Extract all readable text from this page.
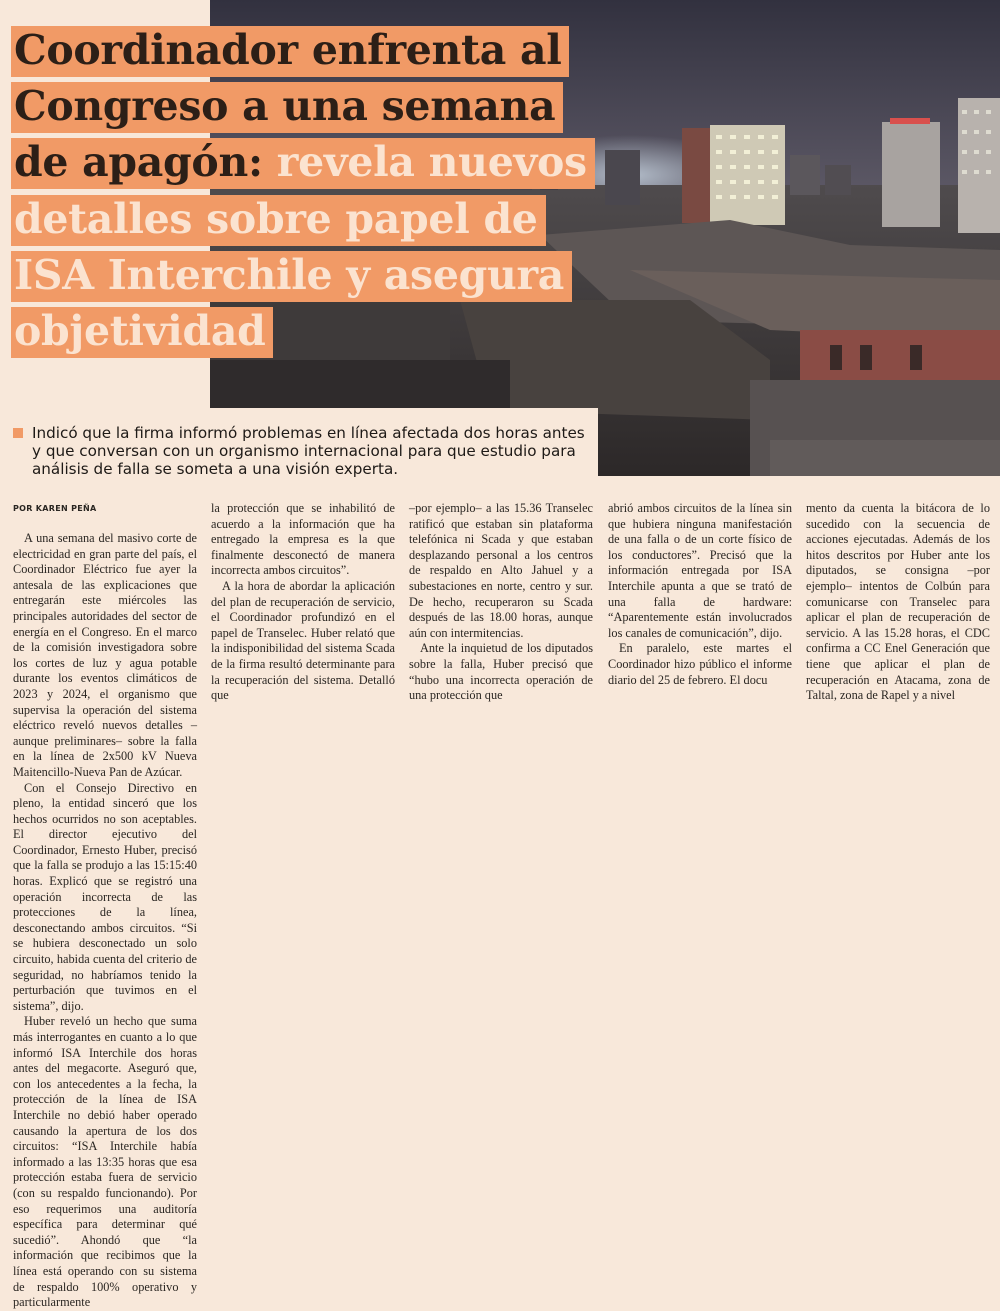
Coordinador enfrenta al Congreso a una semana de apagón: revela nuevos detalles sobre papel de ISA Interchile y asegura objetividad

Indicó que la firma informó problemas en línea afectada dos horas antes y que conversan con un organismo internacional para que estudio para análisis de falla se someta a una visión experta.

POR KAREN PEÑA

A una semana del masivo corte de electricidad en gran parte del país, el Coordinador Eléctrico fue ayer la antesala de las explicaciones que entregarán este miércoles las principales autoridades del sector de energía en el Congreso. En el marco de la comisión investigadora sobre los cortes de luz y agua potable durante los eventos climáticos de 2023 y 2024, el organismo que supervisa la operación del sistema eléctrico reveló nuevos detalles –aunque preliminares– sobre la falla en la línea de 2x500 kV Nueva Maitencillo-Nueva Pan de Azúcar.

Con el Consejo Directivo en pleno, la entidad sinceró que los hechos ocurridos no son aceptables. El director ejecutivo del Coordinador, Ernesto Huber, precisó que la falla se produjo a las 15:15:40 horas. Explicó que se registró una operación incorrecta de las protecciones de la línea, desconectando ambos circuitos. “Si se hubiera desconectado un solo circuito, habida cuenta del criterio de seguridad, no habríamos tenido la perturbación que tuvimos en el sistema”, dijo.

Huber reveló un hecho que suma más interrogantes en cuanto a lo que informó ISA Interchile dos horas antes del megacorte. Aseguró que, con los antecedentes a la fecha, la protección de la línea de ISA Interchile no debió haber operado causando la apertura de los dos circuitos: “ISA Interchile había informado a las 13:35 horas que esa protección estaba fuera de servicio (con su respaldo funcionando). Por eso requerimos una auditoría específica para determinar qué sucedió”. Ahondó que “la información que recibimos que la línea está operando con su sistema de respaldo 100% operativo y particularmente

la protección que se inhabilitó de acuerdo a la información que ha entregado la empresa es la que finalmente desconectó de manera incorrecta ambos circuitos”.

A la hora de abordar la aplicación del plan de recuperación de servicio, el Coordinador profundizó en el papel de Transelec. Huber relató que la indisponibilidad del sistema Scada de la firma resultó determinante para la recuperación del sistema. Detalló que

–por ejemplo– a las 15.36 Transelec ratificó que estaban sin plataforma telefónica ni Scada y que estaban desplazando personal a los centros de respaldo en Alto Jahuel y a subestaciones en norte, centro y sur. De hecho, recuperaron su Scada después de las 18.00 horas, aunque aún con intermitencias.

Ante la inquietud de los diputados sobre la falla, Huber precisó que “hubo una incorrecta operación de una protección que

abrió ambos circuitos de la línea sin que hubiera ninguna manifestación de una falla o de un corte físico de los conductores”. Precisó que la información entregada por ISA Interchile apunta a que se trató de una falla de hardware: “Aparentemente están involucrados los canales de comunicación”, dijo.

En paralelo, este martes el Coordinador hizo público el informe diario del 25 de febrero. El docu

mento da cuenta la bitácora de lo sucedido con la secuencia de acciones ejecutadas. Además de los hitos descritos por Huber ante los diputados, se consigna –por ejemplo– intentos de Colbún para comunicarse con Transelec para aplicar el plan de recuperación de servicio. A las 15.28 horas, el CDC confirma a CC Enel Generación que tiene que aplicar el plan de recuperación en Atacama, zona de Taltal, zona de Rapel y a nivel
